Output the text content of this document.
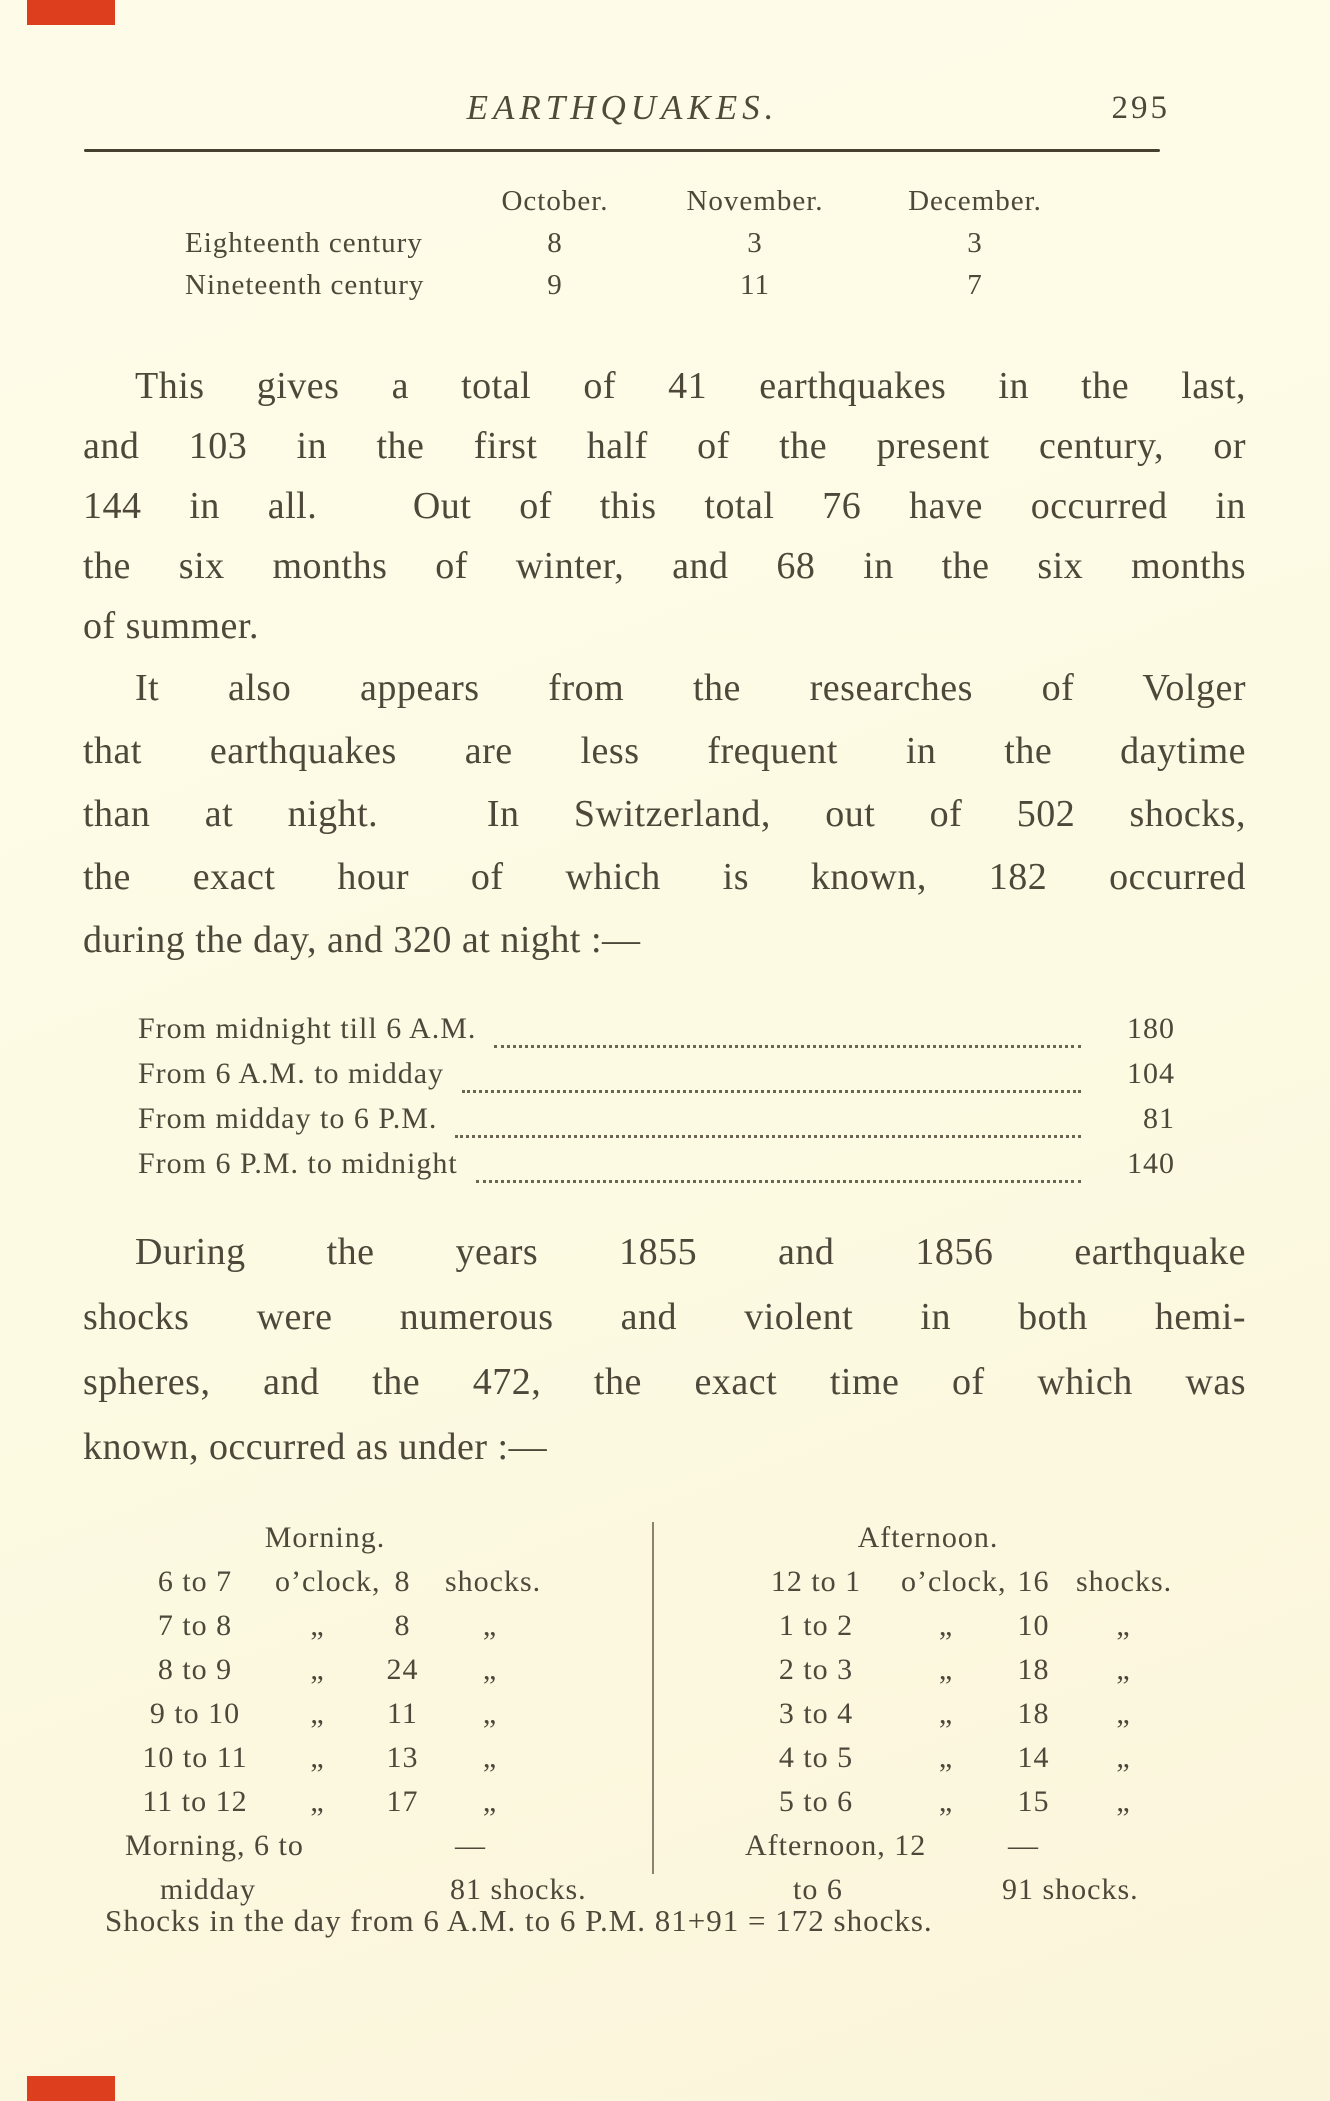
EARTHQUAKES.	295
October.	November.	December.
Eighteenth century	8	3	3
Nineteenth century	9	11	7
This gives a total of 41 earthquakes in the last,
and 103 in the first half of the present century, or
144 in all.  Out of this total 76 have occurred in
the six months of winter, and 68 in the six months
of summer.
It also appears from the researches of Volger
that earthquakes are less frequent in the daytime
than at night.  In Switzerland, out of 502 shocks,
the exact hour of which is known, 182 occurred
during the day, and 320 at night :—
From midnight till 6 A.M.	180
From 6 A.M. to midday	104
From midday to 6 P.M.	81
From 6 P.M. to midnight	140
During the years 1855 and 1856 earthquake
shocks were numerous and violent in both hemi-
spheres, and the 472, the exact time of which was
known, occurred as under :—
Morning.
6 to 7	o’clock, 8	shocks.
7 to 8	„	8	„
8 to 9	„	24	„
9 to 10	„	11	„
10 to 11	„	13	„
11 to 12	„	17	„
Morning, 6 to	—
midday	81 shocks.
Afternoon.
12 to 1	o’clock, 16 shocks.
1 to 2	„	10	„
2 to 3	„	18	„
3 to 4	„	18	„
4 to 5	„	14	„
5 to 6	„	15	„
Afternoon, 12	—
to 6	91 shocks.
Shocks in the day from 6 A.M. to 6 P.M. 81+91 = 172 shocks.
